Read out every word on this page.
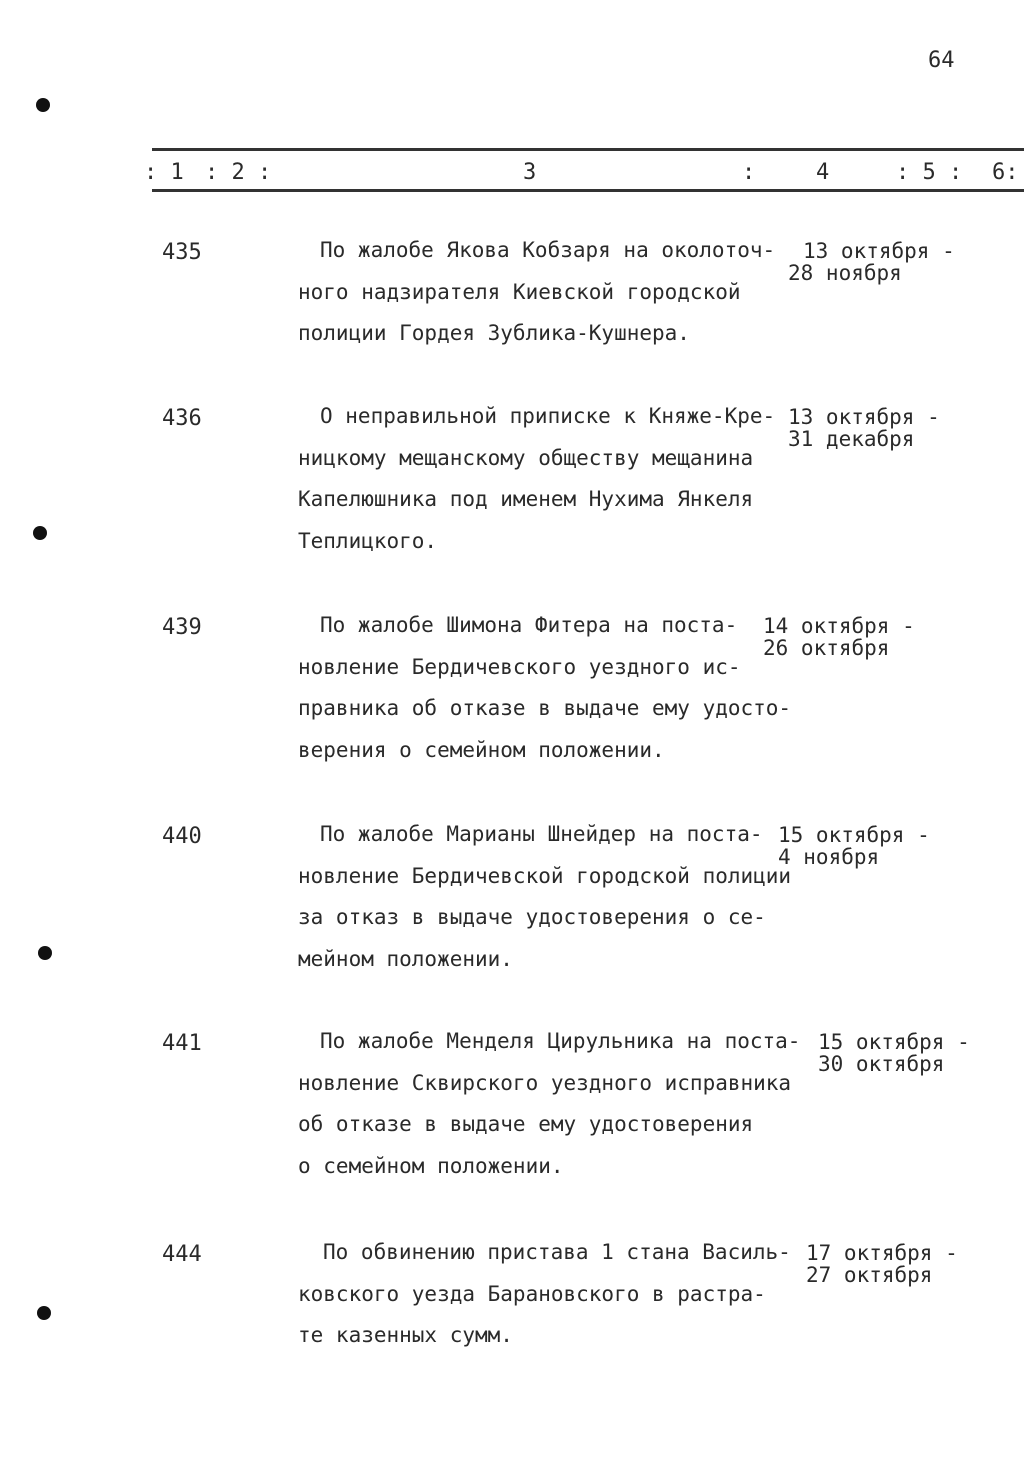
64
: 1 : 2 :	3	:	4	: 5 : 6:
435	По жалобе Якова Кобзаря на околоточ-
ного надзирателя Киевской городской
полиции Гордея Зублика-Кушнера.
13 октября -
28 ноября
436	О неправильной приписке к Княже-Кре-
ницкому мещанскому обществу мещанина
Капелюшника под именем Нухима Янкеля
Теплицкого.
13 октября -
31 декабря
439	По жалобе Шимона Фитера на поста-
новление Бердичевского уездного ис-
правника об отказе в выдаче ему удосто-
верения о семейном положении.
14 октября -
26 октября
440	По жалобе Марианы Шнейдер на поста-
новление Бердичевской городской полиции
за отказ в выдаче удостоверения о се-
мейном положении.
15 октября -
4 ноября
441	По жалобе Менделя Цирульника на поста-
новление Сквирского уездного исправника
об отказе в выдаче ему удостоверения
о семейном положении.
15 октября -
30 октября
444	По обвинению пристава 1 стана Василь-
ковского уезда Барановского в растра-
те казенных сумм.
17 октября -
27 октября
